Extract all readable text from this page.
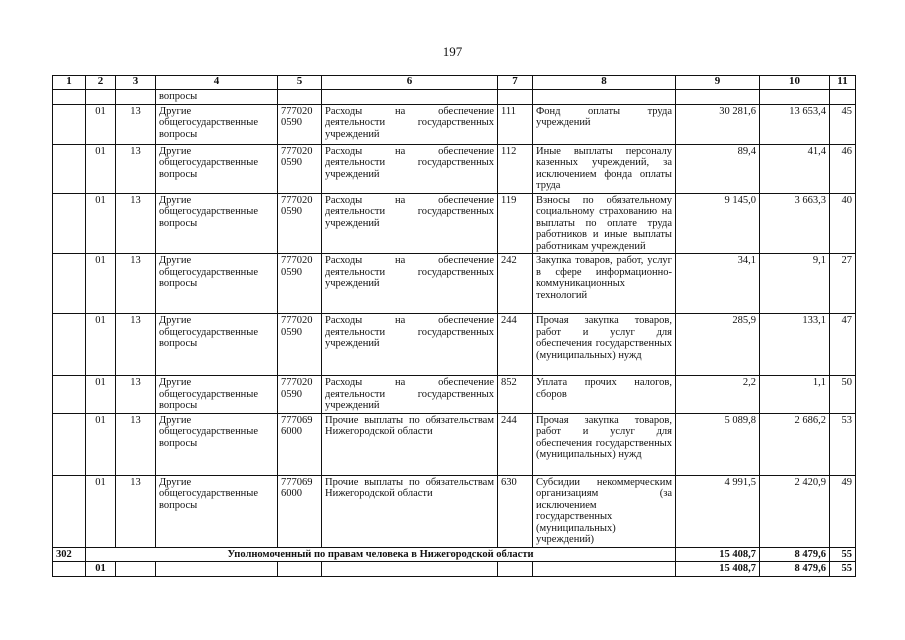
197
1	2	3	4	5	6	7	8	9	10	11
			вопросы							
	01	13	Другие общегосударственные вопросы	777020 0590	Расходы на обеспечение деятельности государственных учреждений	111	Фонд оплаты труда учреждений	30 281,6	13 653,4	45
	01	13	Другие общегосударственные вопросы	777020 0590	Расходы на обеспечение деятельности государственных учреждений	112	Иные выплаты персоналу казенных учреждений, за исключением фонда оплаты труда	89,4	41,4	46
	01	13	Другие общегосударственные вопросы	777020 0590	Расходы на обеспечение деятельности государственных учреждений	119	Взносы по обязательному социальному страхованию на выплаты по оплате труда работников и иные выплаты работникам учреждений	9 145,0	3 663,3	40
	01	13	Другие общегосударственные вопросы	777020 0590	Расходы на обеспечение деятельности государственных учреждений	242	Закупка товаров, работ, услуг в сфере информационно-коммуникационных технологий	34,1	9,1	27
	01	13	Другие общегосударственные вопросы	777020 0590	Расходы на обеспечение деятельности государственных учреждений	244	Прочая закупка товаров, работ и услуг для обеспечения государственных (муниципальных) нужд	285,9	133,1	47
	01	13	Другие общегосударственные вопросы	777020 0590	Расходы на обеспечение деятельности государственных учреждений	852	Уплата прочих налогов, сборов	2,2	1,1	50
	01	13	Другие общегосударственные вопросы	777069 6000	Прочие выплаты по обязательствам Нижегородской области	244	Прочая закупка товаров, работ и услуг для обеспечения государственных (муниципальных) нужд	5 089,8	2 686,2	53
	01	13	Другие общегосударственные вопросы	777069 6000	Прочие выплаты по обязательствам Нижегородской области	630	Субсидии некоммерческим организациям (за исключением государственных (муниципальных) учреждений)	4 991,5	2 420,9	49
302	Уполномоченный по правам человека в Нижегородской области							15 408,7	8 479,6	55
	01							15 408,7	8 479,6	55
